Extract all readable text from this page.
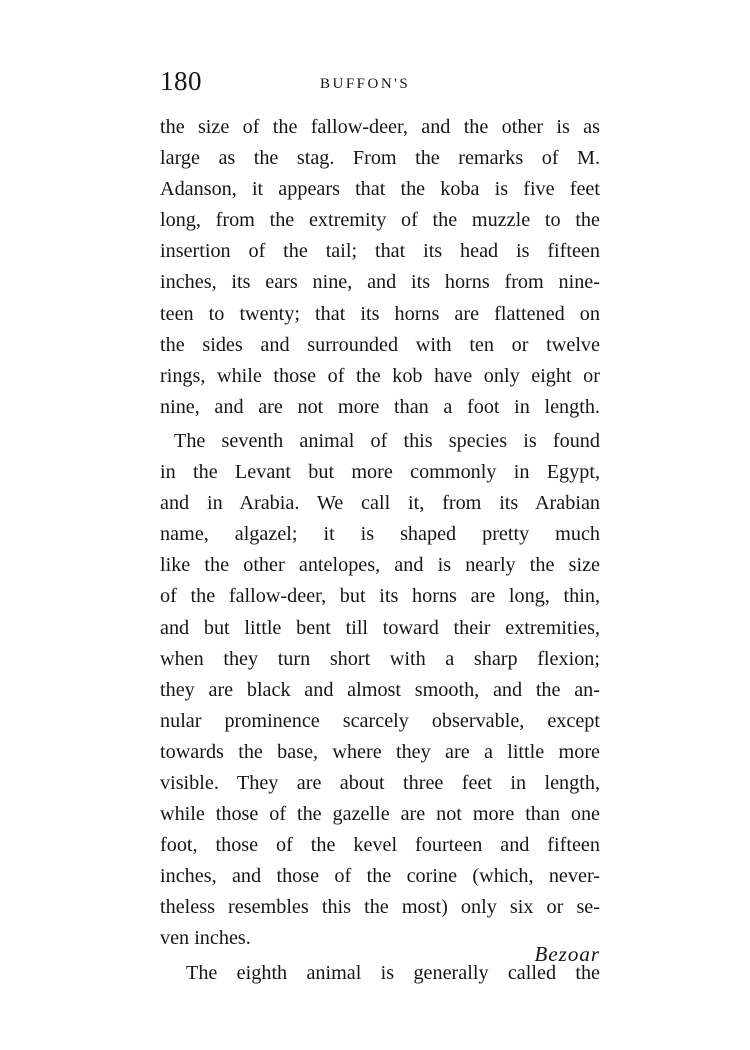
180	BUFFON'S
the size of the fallow-deer, and the other is as
large as the stag. From the remarks of M.
Adanson, it appears that the koba is five feet
long, from the extremity of the muzzle to the
insertion of the tail; that its head is fifteen
inches, its ears nine, and its horns from nine-
teen to twenty; that its horns are flattened on
the sides and surrounded with ten or twelve
rings, while those of the kob have only eight or
nine, and are not more than a foot in length.
The seventh animal of this species is found
in the Levant but more commonly in Egypt,
and in Arabia. We call it, from its Arabian
name, algazel; it is shaped pretty much
like the other antelopes, and is nearly the size
of the fallow-deer, but its horns are long, thin,
and but little bent till toward their extremities,
when they turn short with a sharp flexion;
they are black and almost smooth, and the an-
nular prominence scarcely observable, except
towards the base, where they are a little more
visible. They are about three feet in length,
while those of the gazelle are not more than one
foot, those of the kevel fourteen and fifteen
inches, and those of the corine (which, never-
theless resembles this the most) only six or se-
ven inches.
The eighth animal is generally called the
Bezoar
